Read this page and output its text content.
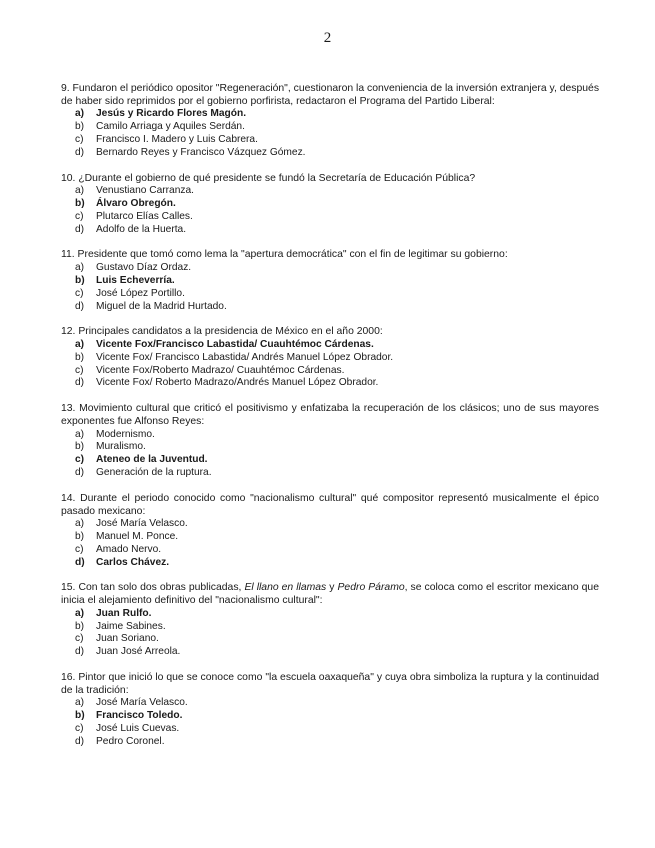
2

9. Fundaron el periódico opositor "Regeneración", cuestionaron la conveniencia de la inversión extranjera y, después de haber sido reprimidos por el gobierno porfirista, redactaron el Programa del Partido Liberal:

a)	Jesús y Ricardo Flores Magón.
b)	Camilo Arriaga y Aquiles Serdán.
c)	Francisco I. Madero y Luis Cabrera.
d)	Bernardo Reyes y Francisco Vázquez Gómez.

10. ¿Durante el gobierno de qué presidente se fundó la Secretaría de Educación Pública?

a)	Venustiano Carranza.
b)	Álvaro Obregón.
c)	Plutarco Elías Calles.
d)	Adolfo de la Huerta.

11. Presidente que tomó como lema la "apertura democrática" con el fin de legitimar su gobierno:

a)	Gustavo Díaz Ordaz.
b)	Luis Echeverría.
c)	José López Portillo.
d)	Miguel de la Madrid Hurtado.

12. Principales candidatos a la presidencia de México en el año 2000:

a)	Vicente Fox/Francisco Labastida/ Cuauhtémoc Cárdenas.
b)	Vicente Fox/ Francisco Labastida/ Andrés Manuel López Obrador.
c)	Vicente Fox/Roberto Madrazo/ Cuauhtémoc Cárdenas.
d)	Vicente Fox/ Roberto Madrazo/Andrés Manuel López Obrador.

13. Movimiento cultural que criticó el positivismo y enfatizaba la recuperación de los clásicos; uno de sus mayores exponentes fue Alfonso Reyes:

a)	Modernismo.
b)	Muralismo.
c)	Ateneo de la Juventud.
d)	Generación de la ruptura.

14. Durante el periodo conocido como "nacionalismo cultural" qué compositor representó musicalmente el épico pasado mexicano:

a)	José María Velasco.
b)	Manuel M. Ponce.
c)	Amado Nervo.
d)	Carlos Chávez.

15. Con tan solo dos obras publicadas, El llano en llamas y Pedro Páramo, se coloca como el escritor mexicano que inicia el alejamiento definitivo del "nacionalismo cultural":

a)	Juan Rulfo.
b)	Jaime Sabines.
c)	Juan Soriano.
d)	Juan José Arreola.

16. Pintor que inició lo que se conoce como "la escuela oaxaqueña" y cuya obra simboliza la ruptura y la continuidad de la tradición:

a)	José María Velasco.
b)	Francisco Toledo.
c)	José Luis Cuevas.
d)	Pedro Coronel.
